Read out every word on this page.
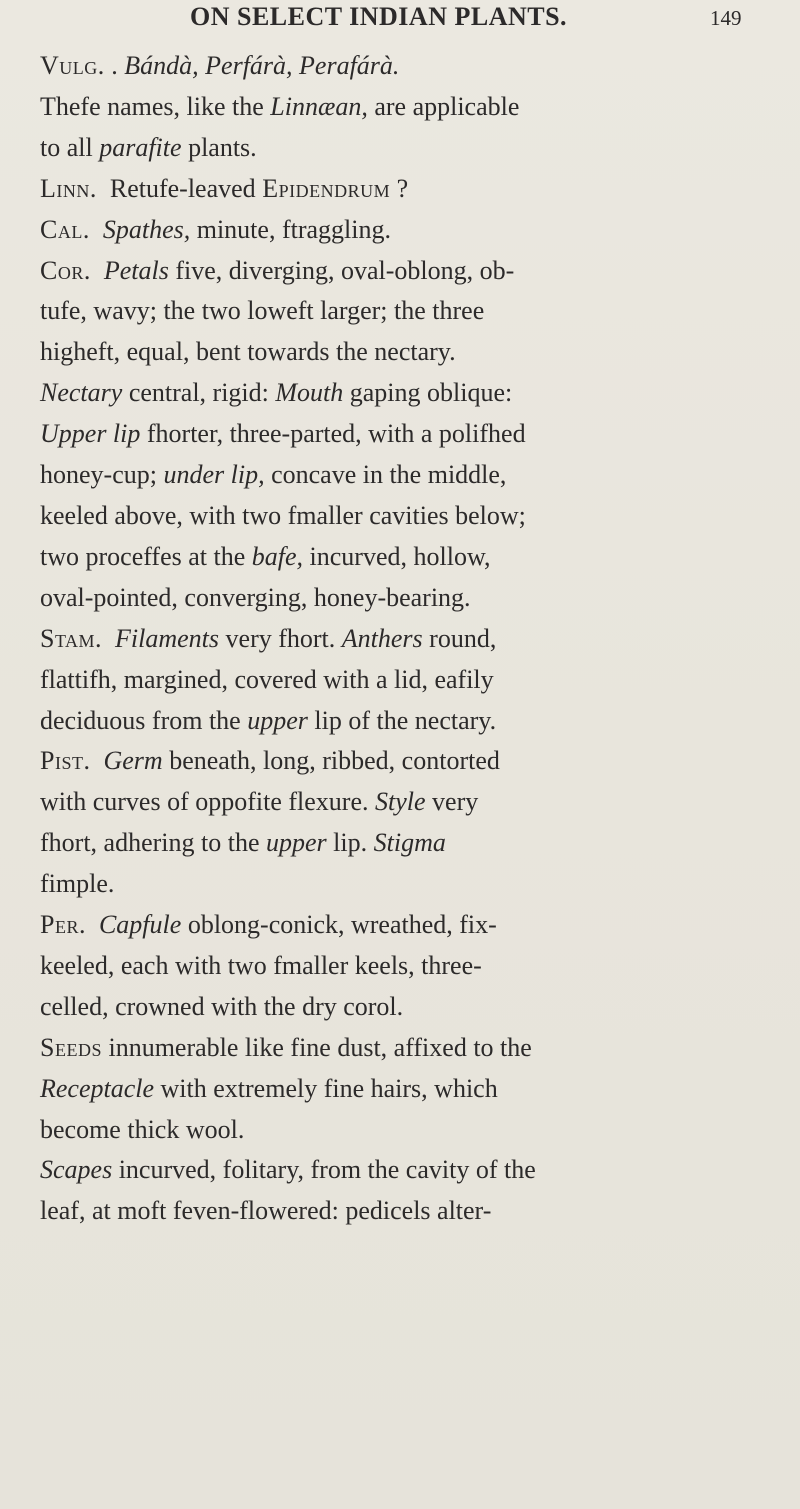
ON SELECT INDIAN PLANTS.	149
Vulg. . Bándà, Perfárà, Perafárà.
Thefe names, like the Linnæan, are applicable
to all parafite plants.
Linn.  Retufe-leaved Epidendrum ?
Cal. Spathes, minute, ftraggling.
Cor. Petals five, diverging, oval-oblong, ob-
tufe, wavy; the two loweft larger; the three
higheft, equal, bent towards the nectary.
Nectary central, rigid: Mouth gaping oblique:
Upper lip fhorter, three-parted, with a polifhed
honey-cup; under lip, concave in the middle,
keeled above, with two fmaller cavities below;
two proceffes at the bafe, incurved, hollow,
oval-pointed, converging, honey-bearing.
Stam. Filaments very fhort. Anthers round,
flattifh, margined, covered with a lid, eafily
deciduous from the upper lip of the nectary.
Pist. Germ beneath, long, ribbed, contorted
with curves of oppofite flexure. Style very
fhort, adhering to the upper lip. Stigma
fimple.
Per. Capfule oblong-conick, wreathed, fix-
keeled, each with two fmaller keels, three-
celled, crowned with the dry corol.
Seeds innumerable like fine dust, affixed to the
Receptacle with extremely fine hairs, which
become thick wool.
Scapes incurved, folitary, from the cavity of the
leaf, at moft feven-flowered: pedicels alter-
